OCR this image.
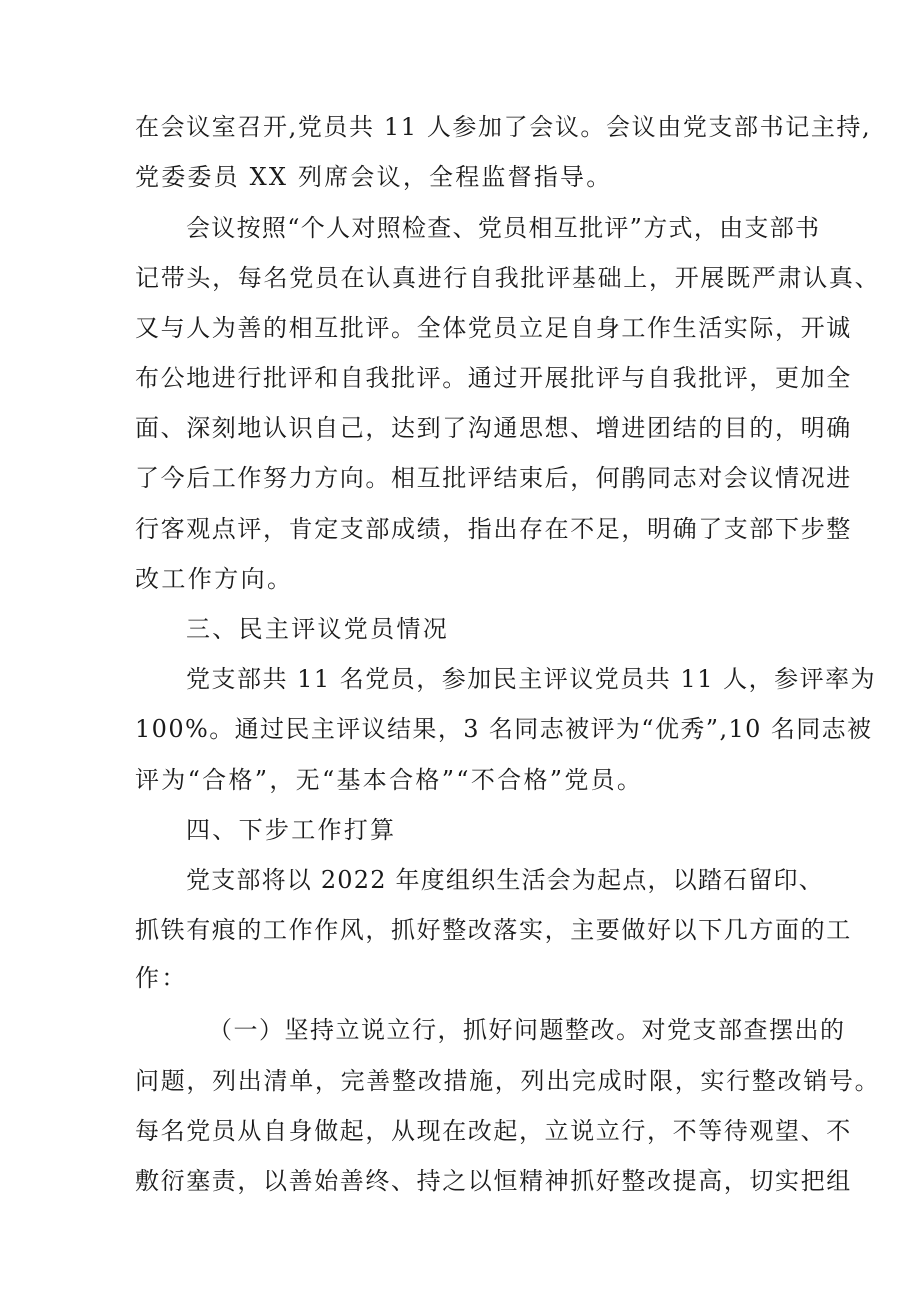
在会议室召开,党员共 11 人参加了会议。会议由党支部书记主持,
党委委员 XX 列席会议，全程监督指导。
会议按照“个人对照检查、党员相互批评”方式，由支部书
记带头，每名党员在认真进行自我批评基础上，开展既严肃认真、
又与人为善的相互批评。全体党员立足自身工作生活实际，开诚
布公地进行批评和自我批评。通过开展批评与自我批评，更加全
面、深刻地认识自己，达到了沟通思想、增进团结的目的，明确
了今后工作努力方向。相互批评结束后，何鹃同志对会议情况进
行客观点评，肯定支部成绩，指出存在不足，明确了支部下步整
改工作方向。
三、民主评议党员情况
党支部共 11 名党员，参加民主评议党员共 11 人，参评率为
100%。通过民主评议结果，3 名同志被评为“优秀”,10 名同志被
评为“合格”，无“基本合格”“不合格”党员。
四、下步工作打算
党支部将以 2022 年度组织生活会为起点，以踏石留印、
抓铁有痕的工作作风，抓好整改落实，主要做好以下几方面的工
作：
（一）坚持立说立行，抓好问题整改。对党支部查摆出的
问题，列出清单，完善整改措施，列出完成时限，实行整改销号。
每名党员从自身做起，从现在改起，立说立行，不等待观望、不
敷衍塞责，以善始善终、持之以恒精神抓好整改提高，切实把组
